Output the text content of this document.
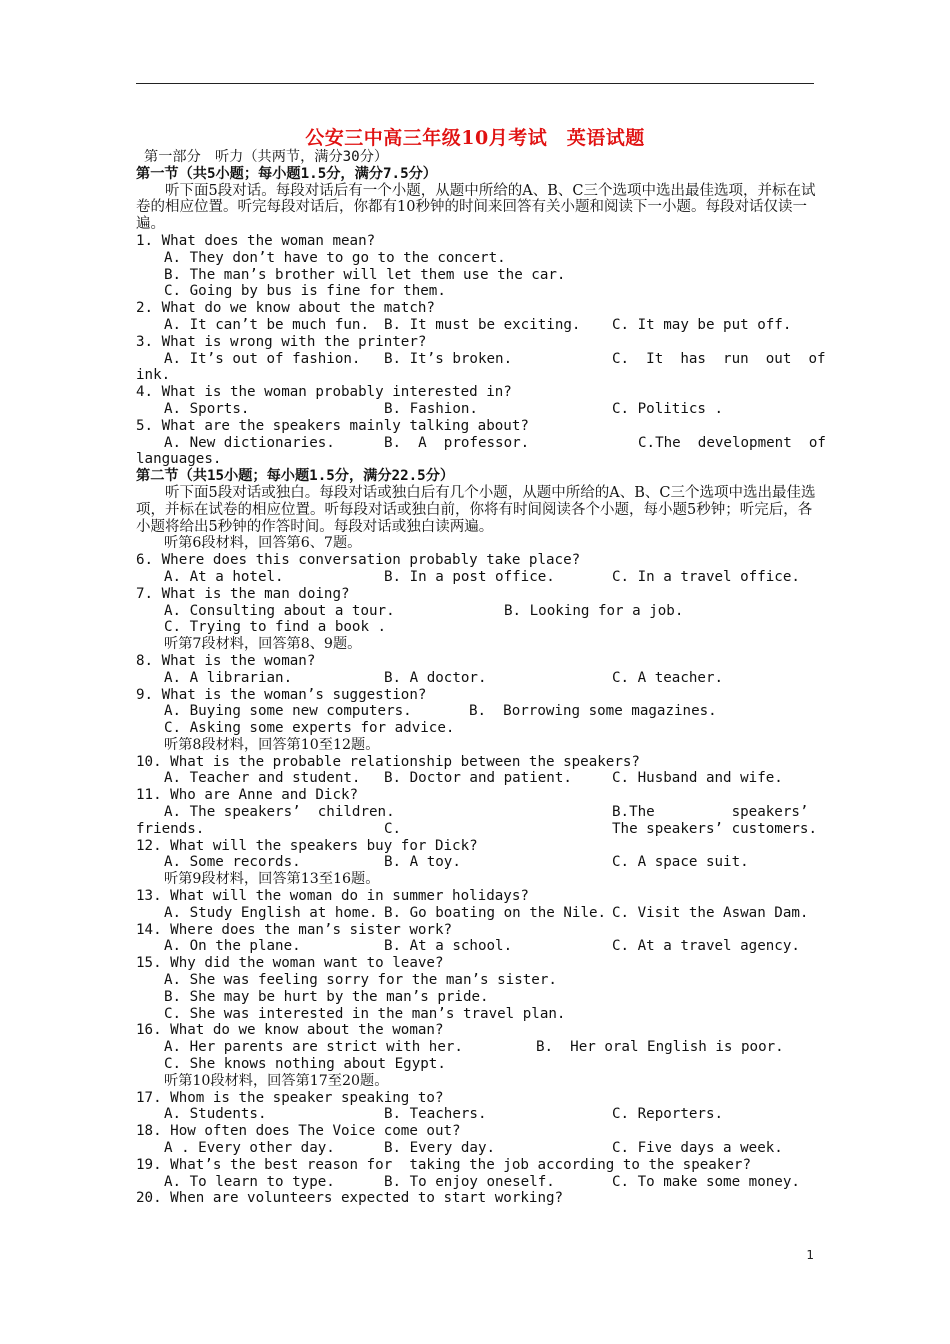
公安三中高三年级10月考试　英语试题
第一部分　听力（共两节，满分30分）
第一节（共5小题；每小题1.5分，满分7.5分）
　　听下面5段对话。每段对话后有一个小题，从题中所给的A、B、C三个选项中选出最佳选项，并标在试卷的相应位置。听完每段对话后，你都有10秒钟的时间来回答有关小题和阅读下一小题。每段对话仅读一遍。
1. What does the woman mean?
A. They don’t have to go to the concert.
B. The man’s brother will let them use the car.
C. Going by bus is fine for them.
2. What do we know about the match?
A. It can’t be much fun.	B. It must be exciting.	C. It may be put off.
3. What is wrong with the printer?
A. It’s out of fashion.	B. It’s broken.	C.  It  has  run  out  of
ink.
4. What is the woman probably interested in?
A. Sports.	B. Fashion.	C. Politics .
5. What are the speakers mainly talking about?
A. New dictionaries.	B.  A  professor.	C.The  development  of
languages.
第二节（共15小题；每小题1.5分，满分22.5分）
　　听下面5段对话或独白。每段对话或独白后有几个小题，从题中所给的A、B、C三个选项中选出最佳选项，并标在试卷的相应位置。听每段对话或独白前，你将有时间阅读各个小题，每小题5秒钟；听完后，各小题将给出5秒钟的作答时间。每段对话或独白读两遍。
听第6段材料，回答第6、7题。
6. Where does this conversation probably take place?
A. At a hotel.	B. In a post office.	C. In a travel office.
7. What is the man doing?
A. Consulting about a tour.	B. Looking for a job.
C. Trying to find a book .
听第7段材料，回答第8、9题。
8. What is the woman?
A. A librarian.	B. A doctor.	C. A teacher.
9. What is the woman’s suggestion?
A. Buying some new computers.	B.  Borrowing some magazines.
C. Asking some experts for advice.
听第8段材料，回答第10至12题。
10. What is the probable relationship between the speakers?
A. Teacher and student.	B. Doctor and patient.	C. Husband and wife.
11. Who are Anne and Dick?
A. The speakers’  children.	B.The         speakers’
friends.	C.	The speakers’ customers.
12. What will the speakers buy for Dick?
A. Some records.	B. A toy.	C. A space suit.
听第9段材料，回答第13至16题。
13. What will the woman do in summer holidays?
A. Study English at home. B. Go boating on the Nile. C. Visit the Aswan Dam.
14. Where does the man’s sister work?
A. On the plane.	B. At a school.	C. At a travel agency.
15. Why did the woman want to leave?
A. She was feeling sorry for the man’s sister.
B. She may be hurt by the man’s pride.
C. She was interested in the man’s travel plan.
16. What do we know about the woman?
A. Her parents are strict with her.	B.  Her oral English is poor.
C. She knows nothing about Egypt.
听第10段材料，回答第17至20题。
17. Whom is the speaker speaking to?
A. Students.	B. Teachers.	C. Reporters.
18. How often does The Voice come out?
A . Every other day.	B. Every day.	C. Five days a week.
19. What’s the best reason for  taking the job according to the speaker?
A. To learn to type.	B. To enjoy oneself.	C. To make some money.
20. When are volunteers expected to start working?
1
